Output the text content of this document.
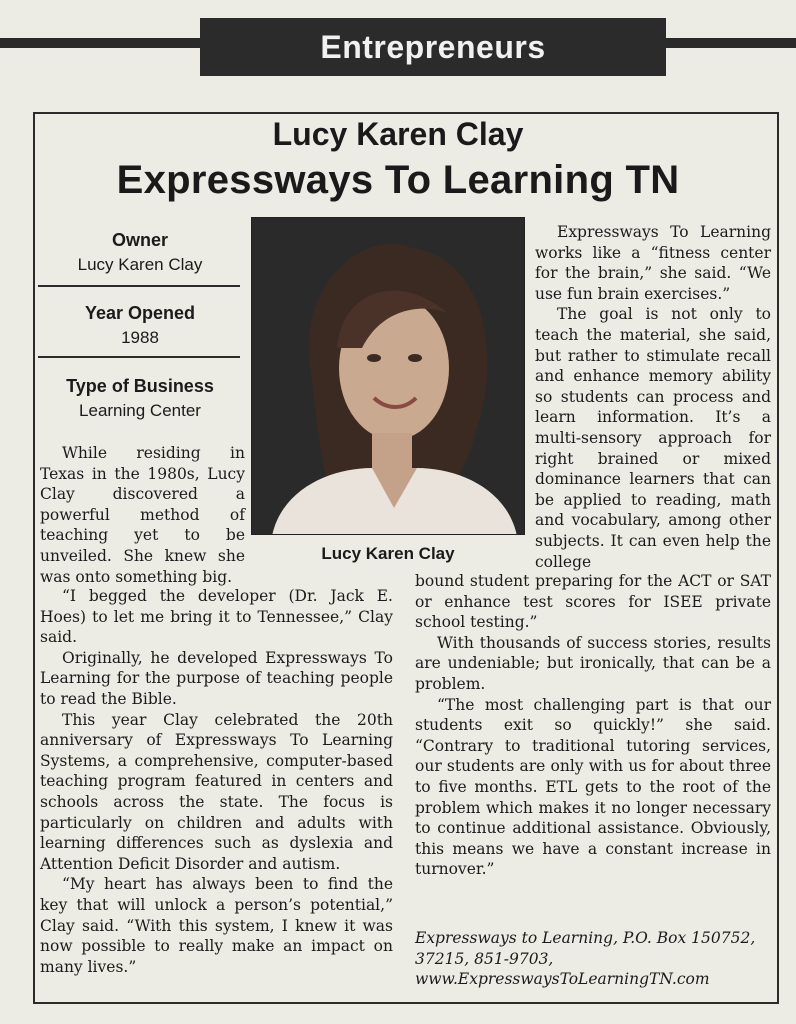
Entrepreneurs
Lucy Karen Clay
Expressways To Learning TN
Owner
Lucy Karen Clay
Year Opened
1988
Type of Business
Learning Center
Lucy Karen Clay

While residing in Texas in the 1980s, Lucy Clay discovered a powerful method of teaching yet to be unveiled. She knew she was onto something big.

“I begged the developer (Dr. Jack E. Hoes) to let me bring it to Tennessee,” Clay said.

Originally, he developed Expressways To Learning for the purpose of teaching people to read the Bible.

This year Clay celebrated the 20th anniversary of Expressways To Learning Systems, a comprehensive, computer-based teaching program featured in centers and schools across the state. The focus is particularly on children and adults with learning differences such as dyslexia and Attention Deficit Disorder and autism.

“My heart has always been to find the key that will unlock a person’s potential,” Clay said. “With this system, I knew it was now possible to really make an impact on many lives.”

Expressways To Learning works like a “fitness center for the brain,” she said. “We use fun brain exercises.”

The goal is not only to teach the material, she said, but rather to stimulate recall and enhance memory ability so students can process and learn information. It’s a multi-sensory approach for right brained or mixed dominance learners that can be applied to reading, math and vocabulary, among other subjects. It can even help the college

bound student preparing for the ACT or SAT or enhance test scores for ISEE private school testing.”

With thousands of success stories, results are undeniable; but ironically, that can be a problem.

“The most challenging part is that our students exit so quickly!” she said. “Contrary to traditional tutoring services, our students are only with us for about three to five months. ETL gets to the root of the problem which makes it no longer necessary to continue additional assistance. Obviously, this means we have a constant increase in turnover.”

Expressways to Learning, P.O. Box 150752,
37215, 851-9703,
www.ExpresswaysToLearningTN.com
